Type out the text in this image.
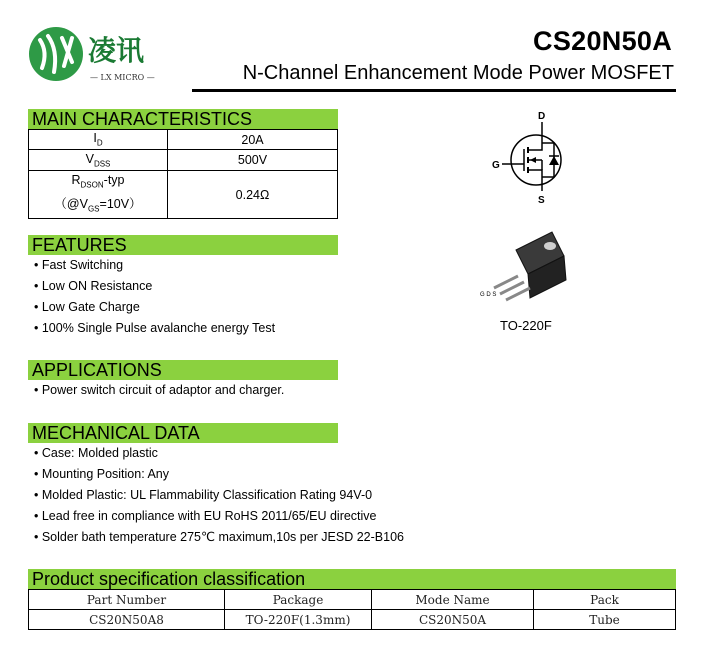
凌讯
— LX MICRO —
CS20N50A
N-Channel Enhancement Mode Power MOSFET
MAIN CHARACTERISTICS
$I_D$	20A
$V_{DSS}$	500V
$R_{DSON}$-typ
$(@V_{GS}=10V)$	0.24Ω
D
G
S
G D S
TO-220F
FEATURES
• Fast Switching
• Low ON Resistance
• Low Gate Charge
• 100% Single Pulse avalanche energy Test
APPLICATIONS
• Power switch circuit of adaptor and charger.
MECHANICAL DATA
• Case: Molded plastic
• Mounting Position: Any
• Molded Plastic: UL Flammability Classification Rating 94V-0
• Lead free in compliance with EU RoHS 2011/65/EU directive
• Solder bath temperature 275℃ maximum,10s per JESD 22-B106
Product specification classification
Part Number	Package	Mode Name	Pack
CS20N50A8	TO-220F(1.3mm)	CS20N50A	Tube
